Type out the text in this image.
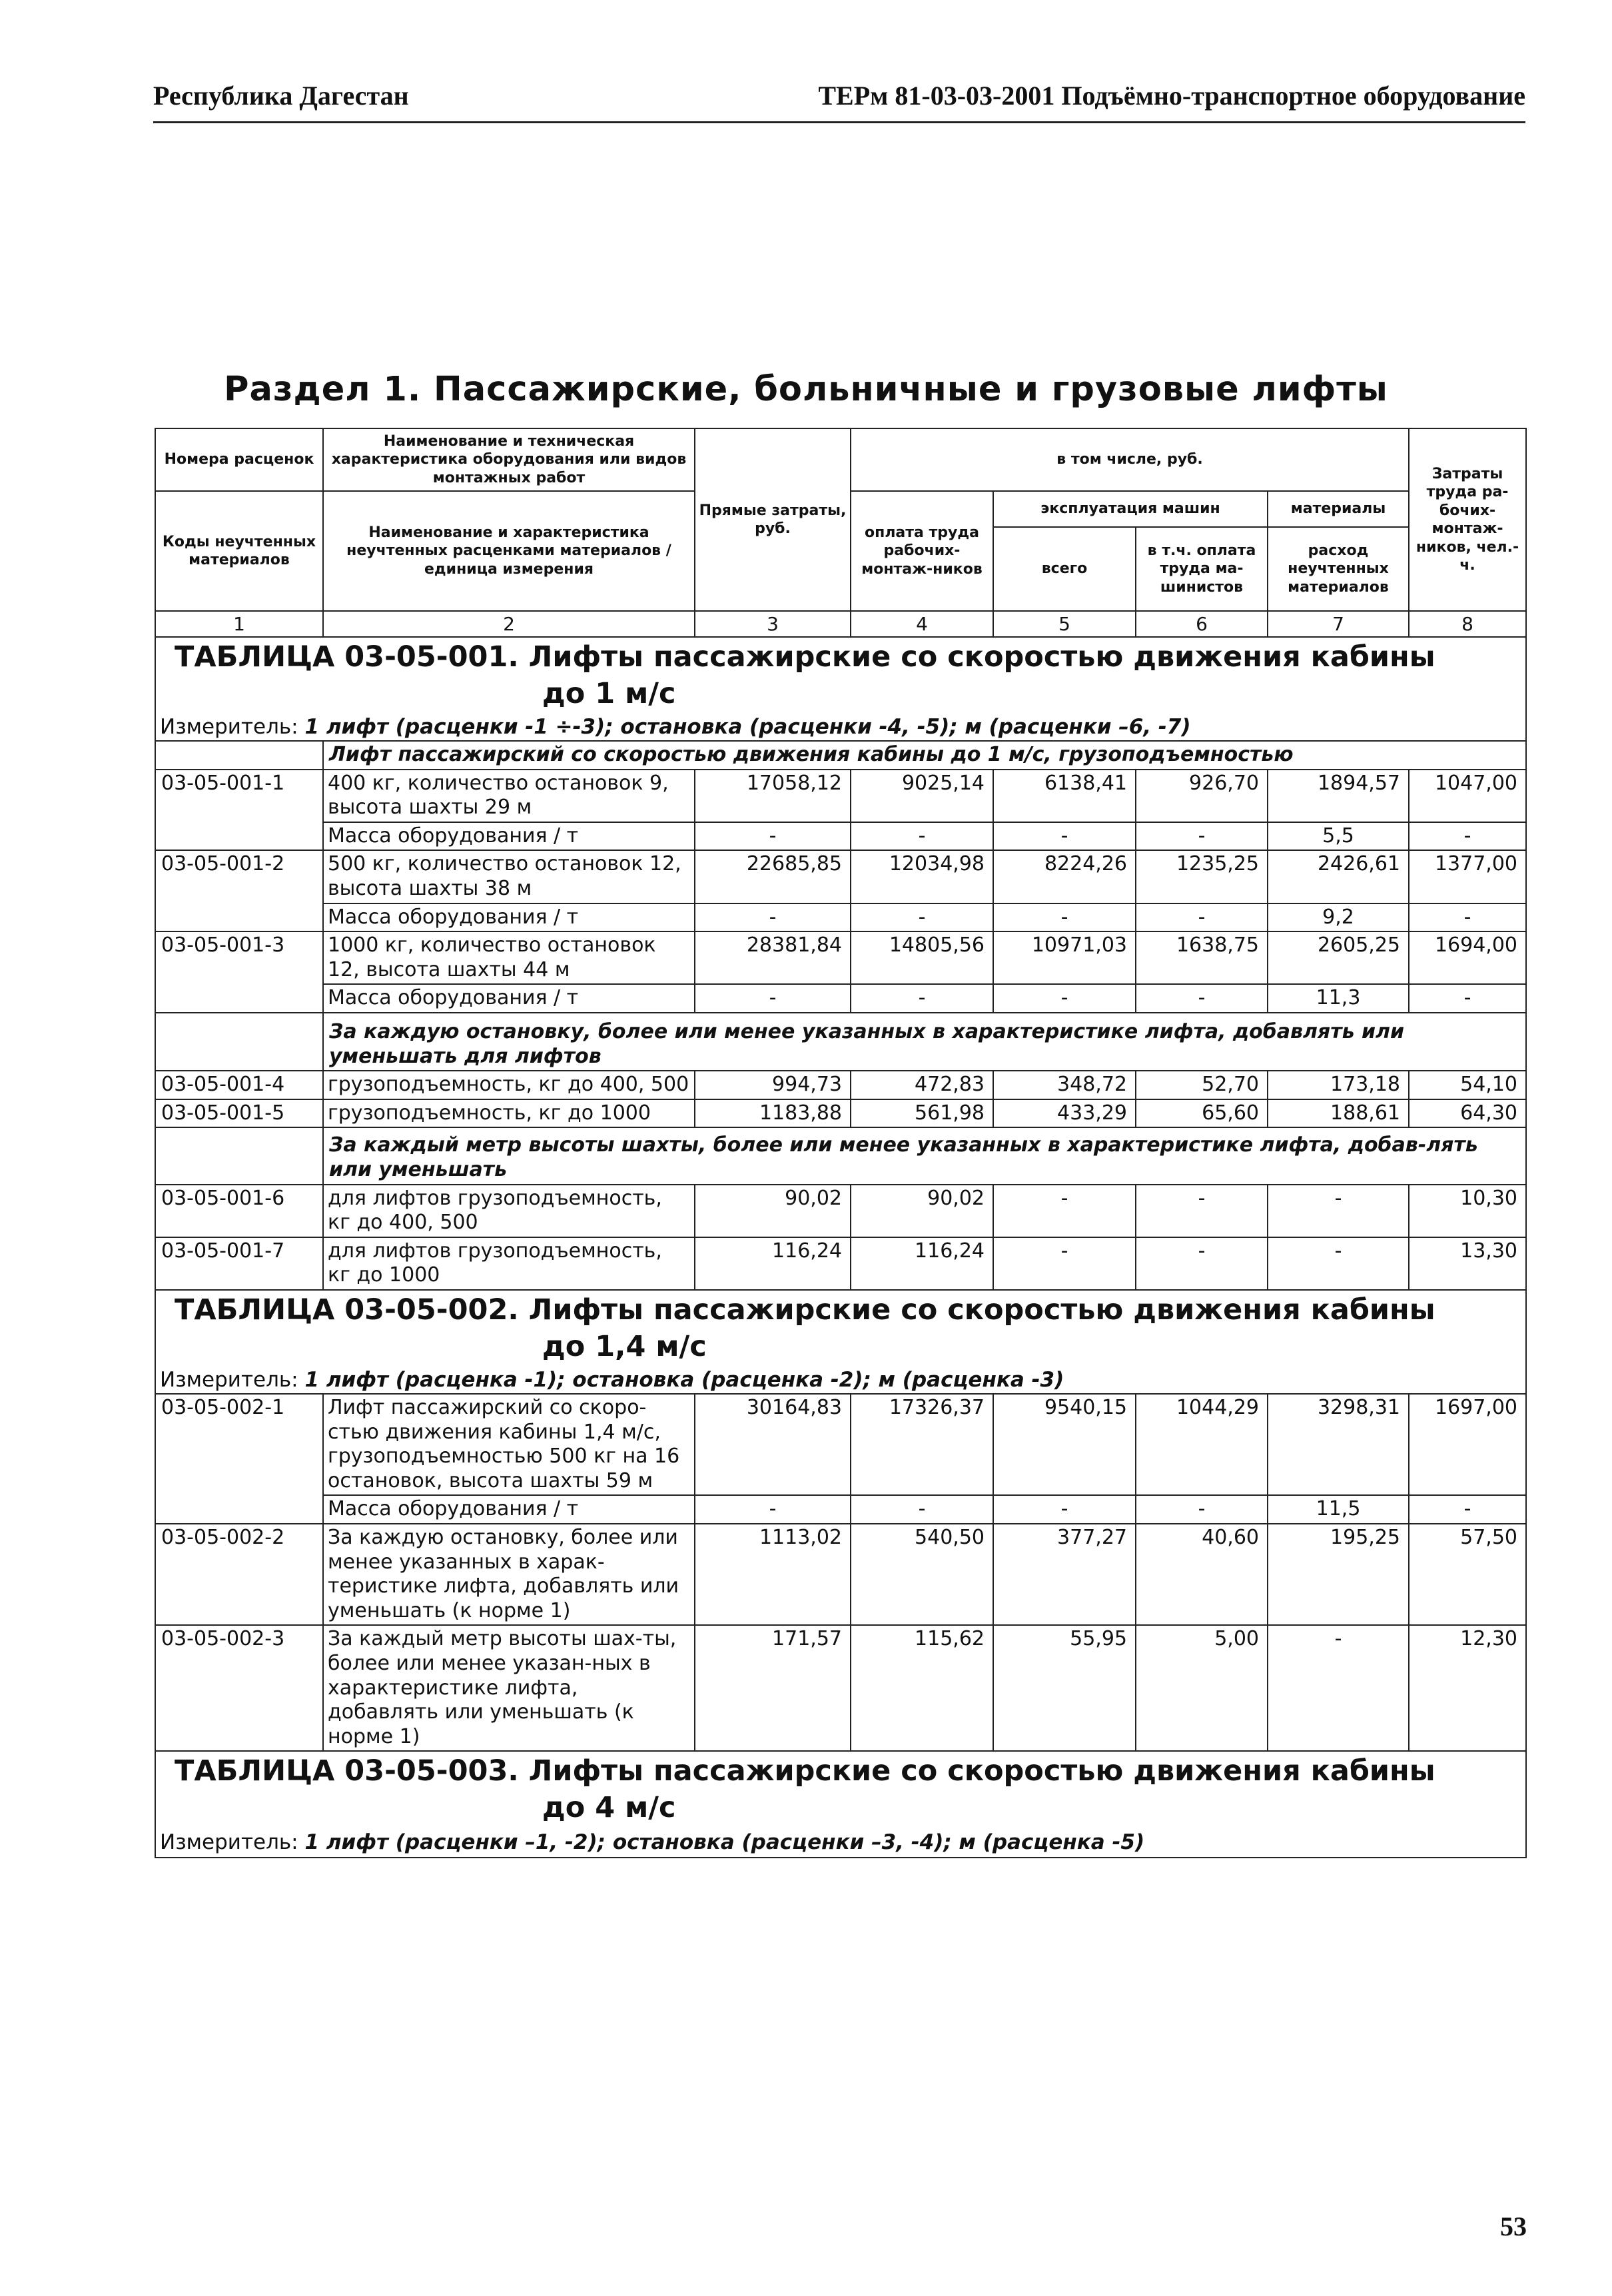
Республика Дагестан	ТЕРм 81-03-03-2001 Подъёмно-транспортное оборудование
Раздел 1. Пассажирские, больничные и грузовые лифты
Номера расценок	Наименование и техническая характеристика оборудования или видов монтажных работ	Прямые затраты, руб.	в том числе, руб.				Затраты труда ра-бочих-монтаж-ников, чел.-ч.
Коды неучтенных материалов	Наименование и характеристика неучтенных расценками материалов / единица измерения		оплата труда рабочих-монтаж-ников	эксплуатация машин		материалы	
				всего	в т.ч. оплата труда ма-шинистов	расход неучтенных материалов	
1	2	3	4	5	6	7	8
ТАБЛИЦА 03-05-001. Лифты пассажирские со скоростью движения кабины
до 1 м/с							

Измеритель: 1 лифт (расценки -1 ÷-3); остановка (расценки -4, -5); м (расценки –6, -7)							
	Лифт пассажирский со скоростью движения кабины до 1 м/с, грузоподъемностью						
03-05-001-1	400 кг, количество остановок 9, высота шахты 29 м	17058,12	9025,14	6138,41	926,70	1894,57	1047,00
	Масса оборудования / т	-	-	-	-	5,5	-
03-05-001-2	500 кг, количество остановок 12, высота шахты 38 м	22685,85	12034,98	8224,26	1235,25	2426,61	1377,00
	Масса оборудования / т	-	-	-	-	9,2	-
03-05-001-3	1000 кг, количество остановок 12, высота шахты 44 м	28381,84	14805,56	10971,03	1638,75	2605,25	1694,00
	Масса оборудования / т	-	-	-	-	11,3	-
	За каждую остановку, более или менее указанных в характеристике лифта, добавлять или уменьшать для лифтов						
03-05-001-4	грузоподъемность, кг до 400, 500	994,73	472,83	348,72	52,70	173,18	54,10
03-05-001-5	грузоподъемность, кг до 1000	1183,88	561,98	433,29	65,60	188,61	64,30
	За каждый метр высоты шахты, более или менее указанных в характеристике лифта, добав-лять или уменьшать						
03-05-001-6	для лифтов грузоподъемность, кг до 400, 500	90,02	90,02	-	-	-	10,30
03-05-001-7	для лифтов грузоподъемность, кг до 1000	116,24	116,24	-	-	-	13,30
ТАБЛИЦА 03-05-002. Лифты пассажирские со скоростью движения кабины
до 1,4 м/с							

Измеритель: 1 лифт (расценка -1); остановка (расценка -2); м (расценка -3)							
03-05-002-1	Лифт пассажирский со скоро-стью движения кабины 1,4 м/с, грузоподъемностью 500 кг на 16 остановок, высота шахты 59 м	30164,83	17326,37	9540,15	1044,29	3298,31	1697,00
	Масса оборудования / т	-	-	-	-	11,5	-
03-05-002-2	За каждую остановку, более или менее указанных в харак-теристике лифта, добавлять или уменьшать (к норме 1)	1113,02	540,50	377,27	40,60	195,25	57,50
03-05-002-3	За каждый метр высоты шах-ты, более или менее указан-ных в характеристике лифта, добавлять или уменьшать (к норме 1)	171,57	115,62	55,95	5,00	-	12,30
ТАБЛИЦА 03-05-003. Лифты пассажирские со скоростью движения кабины
до 4 м/с							

Измеритель: 1 лифт (расценки –1, -2); остановка (расценки –3, -4); м (расценка -5)							
53
